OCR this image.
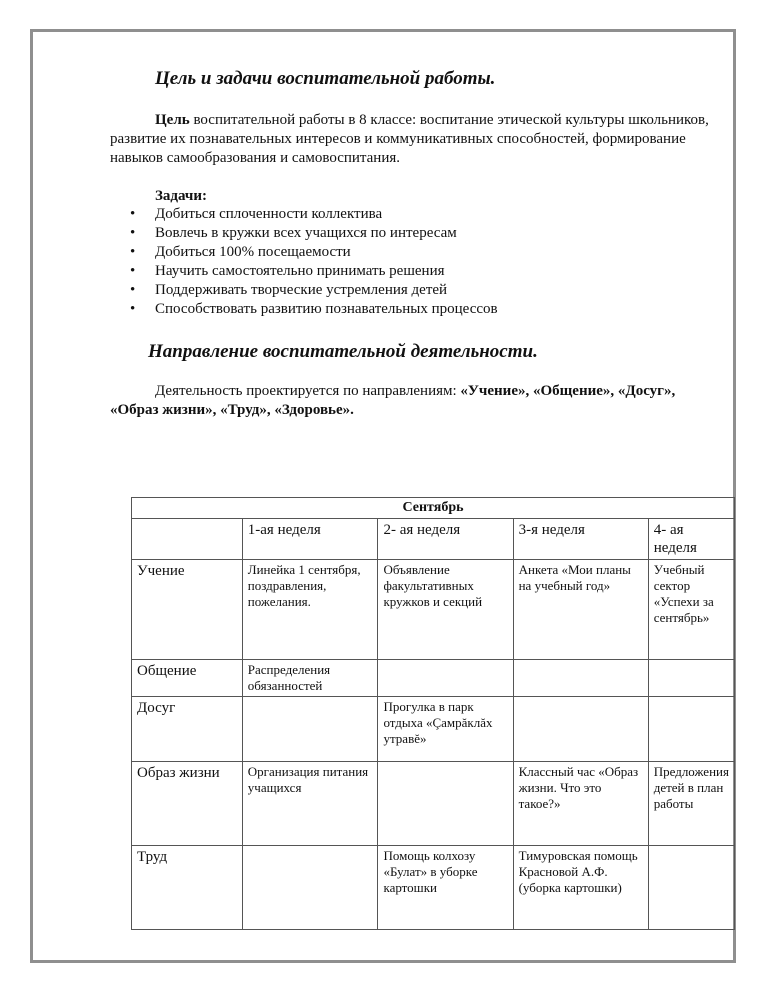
Цель и задачи воспитательной работы.

Цель воспитательной работы в 8 классе: воспитание этической культуры школьников, развитие их познавательных интересов и коммуникативных способностей, формирование навыков самообразования и самовоспитания.

Задачи:
• Добиться сплоченности коллектива
• Вовлечь в кружки всех учащихся по интересам
• Добиться 100% посещаемости
• Научить самостоятельно принимать решения
• Поддерживать творческие устремления детей
• Способствовать развитию познавательных процессов
Направление воспитательной деятельности.

Деятельность проектируется по направлениям: «Учение», «Общение», «Досуг», «Образ жизни», «Труд», «Здоровье».

Сентябрь				
	1-ая неделя	2- ая неделя	3-я неделя	4- ая неделя
Учение	Линейка 1 сентября, поздравления, пожелания.	Объявление факультативных кружков и секций	Анкета «Мои планы на учебный год»	Учебный сектор «Успехи за сентябрь»
Общение	Распределения обязанностей			
Досуг		Прогулка в парк отдыха «Çамрăклăх утравĕ»		
Образ жизни	Организация питания учащихся		Классный час «Образ жизни. Что это такое?»	Предложения детей в план работы
Труд		Помощь колхозу «Булат» в уборке картошки	Тимуровская помощь Красновой А.Ф.(уборка картошки)	
